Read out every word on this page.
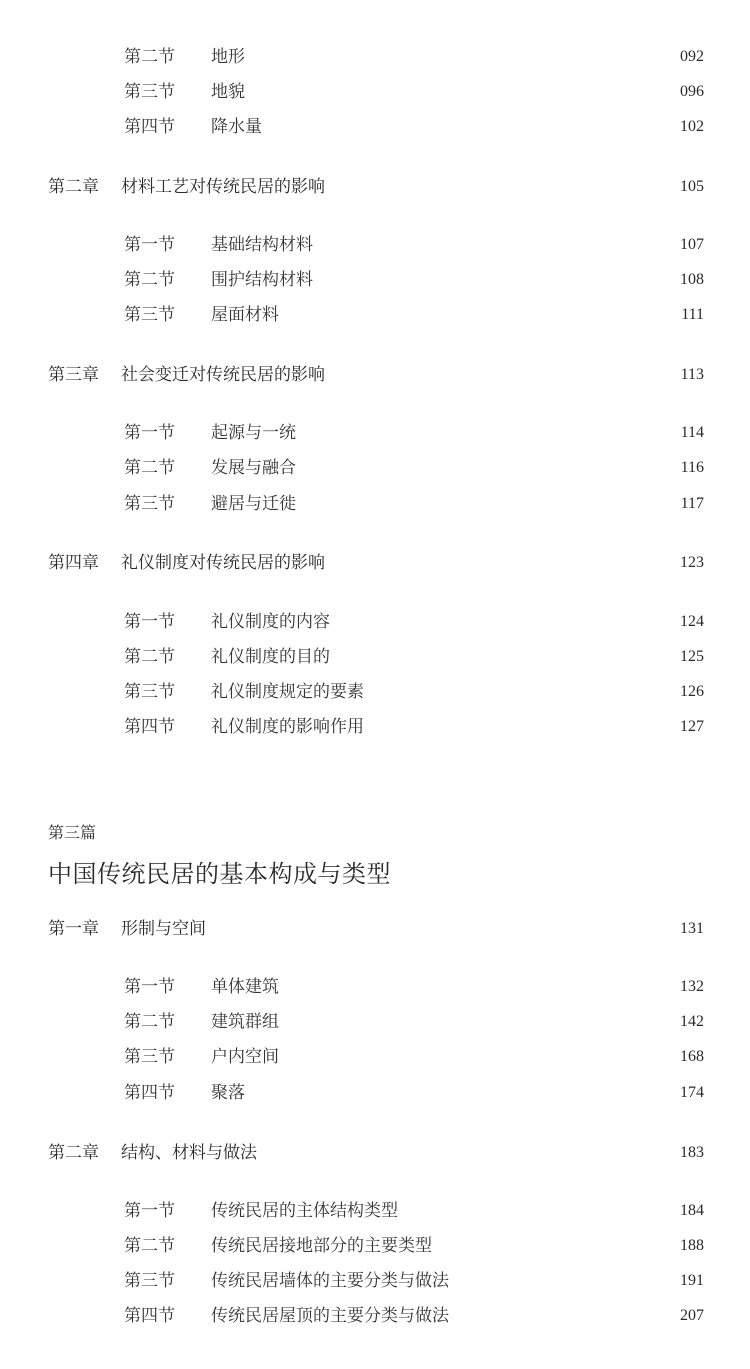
第三篇
中国传统民居的基本构成与类型
第二节 地形	092
第三节 地貌	096
第四节 降水量	102
第二章 材料工艺对传统民居的影响	105
第一节 基础结构材料	107
第二节 围护结构材料	108
第三节 屋面材料	111
第三章 社会变迁对传统民居的影响	113
第一节 起源与一统	114
第二节 发展与融合	116
第三节 避居与迁徙	117
第四章 礼仪制度对传统民居的影响	123
第一节 礼仪制度的内容	124
第二节 礼仪制度的目的	125
第三节 礼仪制度规定的要素	126
第四节 礼仪制度的影响作用	127
第一章 形制与空间	131
第一节 单体建筑	132
第二节 建筑群组	142
第三节 户内空间	168
第四节 聚落	174
第二章 结构、材料与做法	183
第一节 传统民居的主体结构类型	184
第二节 传统民居接地部分的主要类型	188
第三节 传统民居墙体的主要分类与做法	191
第四节 传统民居屋顶的主要分类与做法	207
